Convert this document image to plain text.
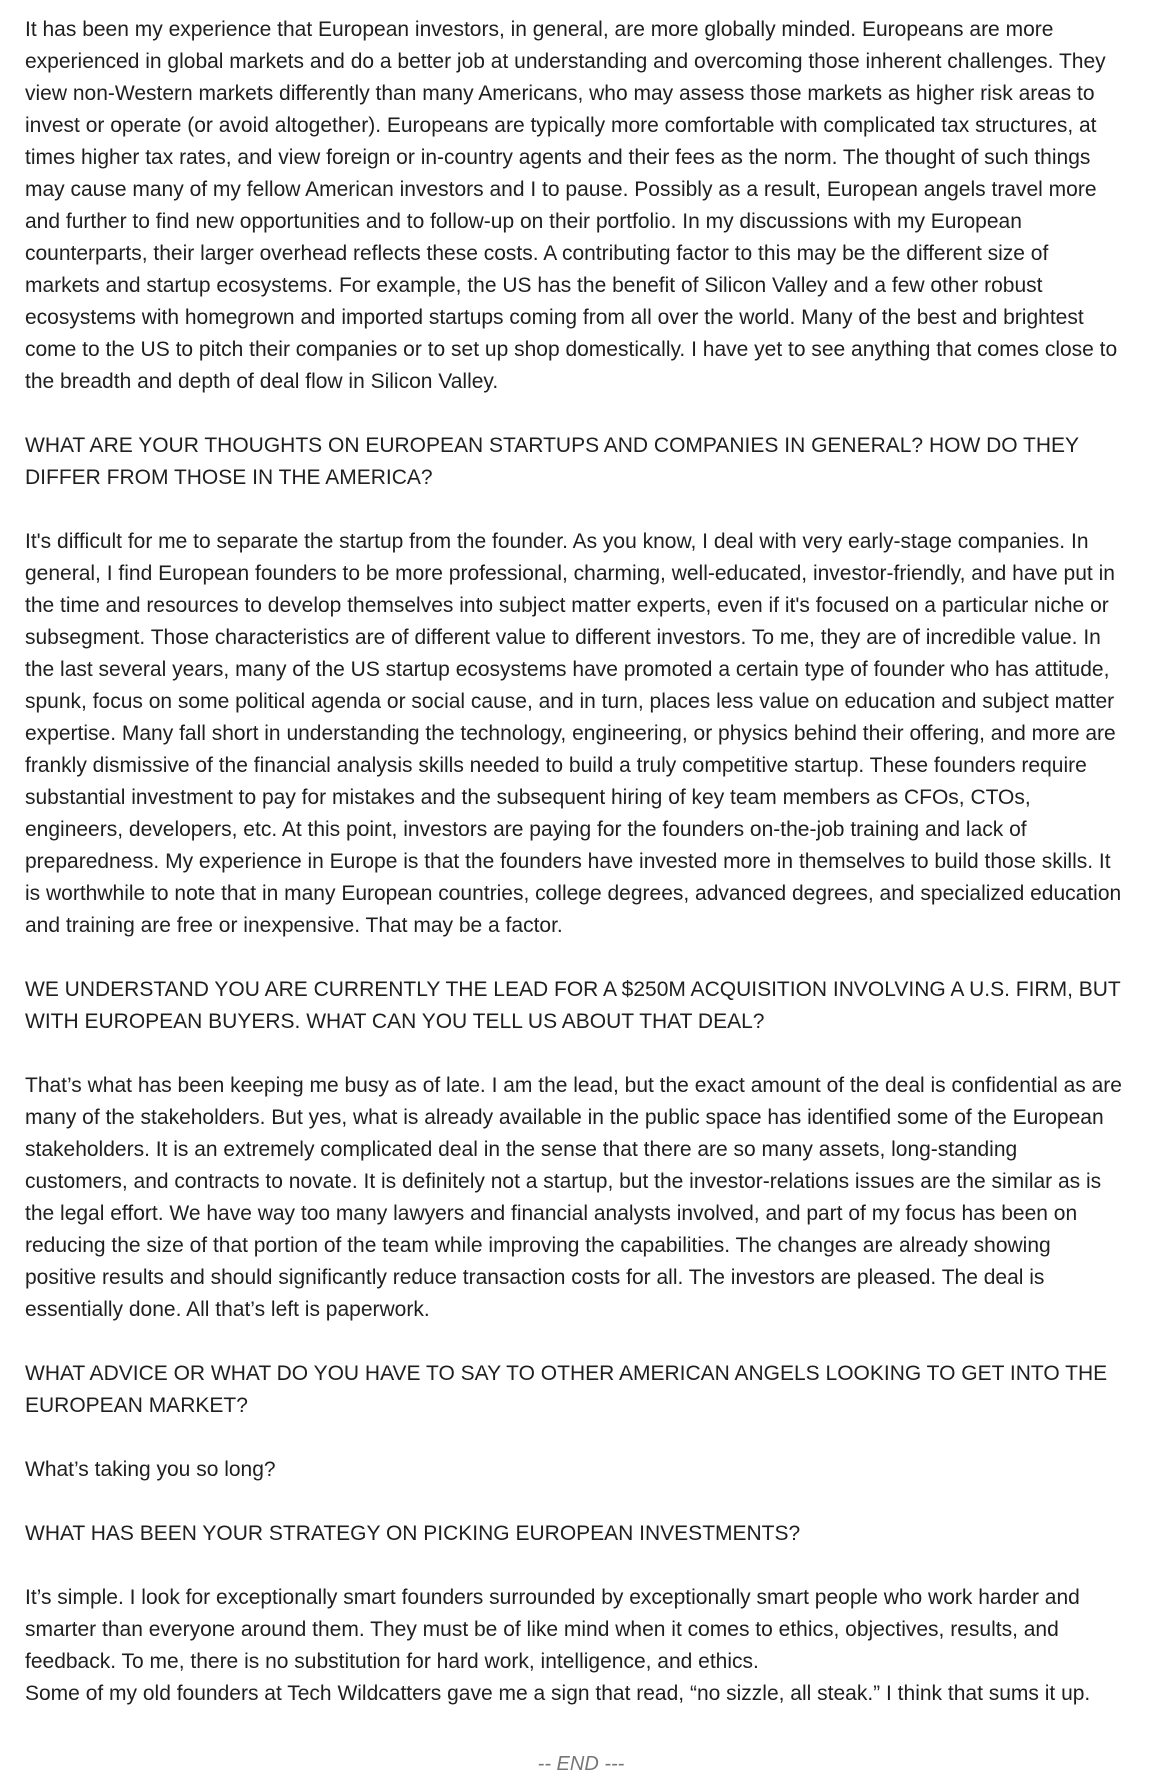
It has been my experience that European investors, in general, are more globally minded. Europeans are more experienced in global markets and do a better job at understanding and overcoming those inherent challenges. They view non-Western markets differently than many Americans, who may assess those markets as higher risk areas to invest or operate (or avoid altogether). Europeans are typically more comfortable with complicated tax structures, at times higher tax rates, and view foreign or in-country agents and their fees as the norm. The thought of such things may cause many of my fellow American investors and I to pause. Possibly as a result, European angels travel more and further to find new opportunities and to follow-up on their portfolio. In my discussions with my European counterparts, their larger overhead reflects these costs. A contributing factor to this may be the different size of markets and startup ecosystems. For example, the US has the benefit of Silicon Valley and a few other robust ecosystems with homegrown and imported startups coming from all over the world. Many of the best and brightest come to the US to pitch their companies or to set up shop domestically. I have yet to see anything that comes close to the breadth and depth of deal flow in Silicon Valley.

WHAT ARE YOUR THOUGHTS ON EUROPEAN STARTUPS AND COMPANIES IN GENERAL? HOW DO THEY DIFFER FROM THOSE IN THE AMERICA?

It's difficult for me to separate the startup from the founder. As you know, I deal with very early-stage companies. In general, I find European founders to be more professional, charming, well-educated, investor-friendly, and have put in the time and resources to develop themselves into subject matter experts, even if it's focused on a particular niche or subsegment. Those characteristics are of different value to different investors. To me, they are of incredible value. In the last several years, many of the US startup ecosystems have promoted a certain type of founder who has attitude, spunk, focus on some political agenda or social cause, and in turn, places less value on education and subject matter expertise. Many fall short in understanding the technology, engineering, or physics behind their offering, and more are frankly dismissive of the financial analysis skills needed to build a truly competitive startup. These founders require substantial investment to pay for mistakes and the subsequent hiring of key team members as CFOs, CTOs, engineers, developers, etc. At this point, investors are paying for the founders on-the-job training and lack of preparedness. My experience in Europe is that the founders have invested more in themselves to build those skills. It is worthwhile to note that in many European countries, college degrees, advanced degrees, and specialized education and training are free or inexpensive. That may be a factor.

WE UNDERSTAND YOU ARE CURRENTLY THE LEAD FOR A $250M ACQUISITION INVOLVING A U.S. FIRM, BUT WITH EUROPEAN BUYERS. WHAT CAN YOU TELL US ABOUT THAT DEAL?

That’s what has been keeping me busy as of late. I am the lead, but the exact amount of the deal is confidential as are many of the stakeholders. But yes, what is already available in the public space has identified some of the European stakeholders. It is an extremely complicated deal in the sense that there are so many assets, long-standing customers, and contracts to novate. It is definitely not a startup, but the investor-relations issues are the similar as is the legal effort. We have way too many lawyers and financial analysts involved, and part of my focus has been on reducing the size of that portion of the team while improving the capabilities. The changes are already showing positive results and should significantly reduce transaction costs for all. The investors are pleased. The deal is essentially done. All that’s left is paperwork.

WHAT ADVICE OR WHAT DO YOU HAVE TO SAY TO OTHER AMERICAN ANGELS LOOKING TO GET INTO THE EUROPEAN MARKET?

What’s taking you so long?

WHAT HAS BEEN YOUR STRATEGY ON PICKING EUROPEAN INVESTMENTS?

It’s simple. I look for exceptionally smart founders surrounded by exceptionally smart people who work harder and smarter than everyone around them. They must be of like mind when it comes to ethics, objectives, results, and feedback. To me, there is no substitution for hard work, intelligence, and ethics.

Some of my old founders at Tech Wildcatters gave me a sign that read, “no sizzle, all steak.” I think that sums it up.

-- END ---
